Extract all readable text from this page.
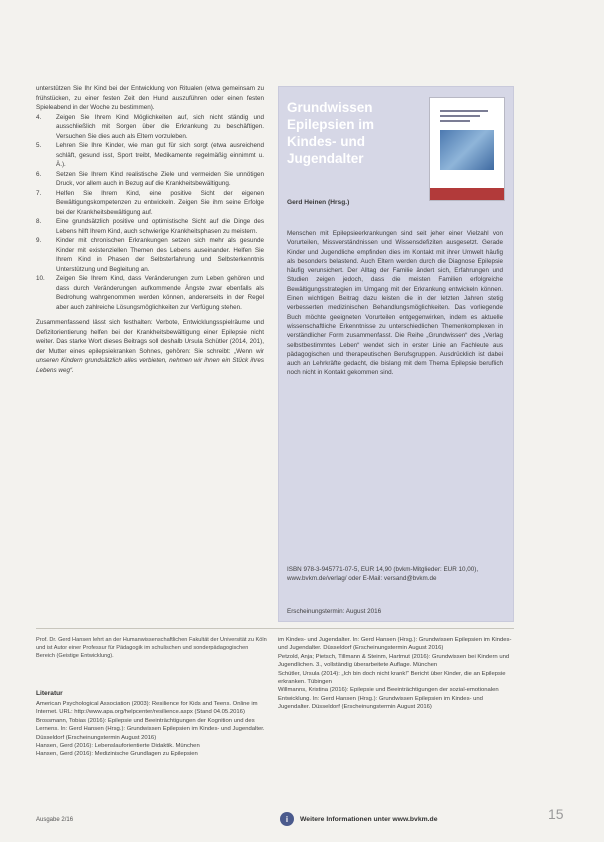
unterstützen Sie Ihr Kind bei der Entwicklung von Ritualen (etwa gemeinsam zu frühstücken, zu einer festen Zeit den Hund auszuführen oder einen festen Spieleabend in der Woche zu bestimmen).

4.	Zeigen Sie Ihrem Kind Möglichkeiten auf, sich nicht ständig und ausschließlich mit Sorgen über die Erkrankung zu beschäftigen. Versuchen Sie dies auch als Eltern vorzuleben.
5.	Lehren Sie Ihre Kinder, wie man gut für sich sorgt (etwa ausreichend schläft, gesund isst, Sport treibt, Medikamente regelmäßig einnimmt u. Ä.).
6.	Setzen Sie Ihrem Kind realistische Ziele und vermeiden Sie unnötigen Druck, vor allem auch in Bezug auf die Krankheitsbewältigung.
7.	Helfen Sie Ihrem Kind, eine positive Sicht der eigenen Bewältigungskompetenzen zu entwickeln. Zeigen Sie ihm seine Erfolge bei der Krankheitsbewältigung auf.
8.	Eine grundsätzlich positive und optimistische Sicht auf die Dinge des Lebens hilft Ihrem Kind, auch schwierige Krankheitsphasen zu meistern.
9.	Kinder mit chronischen Erkrankungen setzen sich mehr als gesunde Kinder mit existenziellen Themen des Lebens auseinander. Helfen Sie Ihrem Kind in Phasen der Selbsterfahrung und Selbsterkenntnis Unterstützung und Begleitung an.
10.	Zeigen Sie Ihrem Kind, dass Veränderungen zum Leben gehören und dass durch Veränderungen aufkommende Ängste zwar ebenfalls als Bedrohung wahrgenommen werden können, andererseits in der Regel aber auch zahlreiche Lösungsmöglichkeiten zur Verfügung stehen.

Zusammenfassend lässt sich festhalten: Verbote, Entwicklungsspielräume und Defizitorientierung helfen bei der Krankheitsbewältigung einer Epilepsie nicht weiter. Das starke Wort dieses Beitrags soll deshalb Ursula Schütler (2014, 201), der Mutter eines epilepsiekranken Sohnes, gehören: Sie schreibt: „Wenn wir unseren Kindern grundsätzlich alles verbieten, nehmen wir ihnen ein Stück ihres Lebens weg“.

Grundwissen Epilepsien im Kindes- und Jugendalter

Gerd Heinen (Hrsg.)

Menschen mit Epilepsieerkrankungen sind seit jeher einer Vielzahl von Vorurteilen, Missverständnissen und Wissensdefiziten ausgesetzt. Gerade Kinder und Jugendliche empfinden dies im Kontakt mit ihrer Umwelt häufig als besonders belastend. Auch Eltern werden durch die Diagnose Epilepsie häufig verunsichert. Der Alltag der Familie ändert sich, Erfahrungen und Studien zeigen jedoch, dass die meisten Familien erfolgreiche Bewältigungsstrategien im Umgang mit der Erkrankung entwickeln können. Einen wichtigen Beitrag dazu leisten die in der letzten Jahren stetig verbesserten medizinischen Behandlungsmöglichkeiten. Das vorliegende Buch möchte geeigneten Vorurteilen entgegenwirken, indem es aktuelle wissenschaftliche Erkenntnisse zu unterschiedlichen Themenkomplexen in verständlicher Form zusammenfasst. Die Reihe „Grundwissen“ des „Verlag selbstbestimmtes Leben“ wendet sich in erster Linie an Fachleute aus pädagogischen und therapeutischen Berufsgruppen. Ausdrücklich ist dabei auch an Lehrkräfte gedacht, die bislang mit dem Thema Epilepsie beruflich noch nicht in Kontakt gekommen sind.

ISBN 978-3-945771-07-5, EUR 14,90 (bvkm-Mitglieder: EUR 10,00), www.bvkm.de/verlag/ oder E-Mail: versand@bvkm.de

Erscheinungstermin: August 2016

Prof. Dr. Gerd Hansen lehrt an der Humanwissenschaftlichen Fakultät der Universität zu Köln und ist Autor einer Professur für Pädagogik im schulischen und sonderpädagogischen Bereich (Geistige Entwicklung).

Literatur

American Psychological Association (2003): Resilience for Kids and Teens. Online im Internet. URL: http://www.apa.org/helpcenter/resilience.aspx (Stand 04.05.2016)
Brossmann, Tobias (2016): Epilepsie und Beeinträchtigungen der Kognition und des Lernens. In: Gerd Hansen (Hrsg.): Grundwissen Epilepsien im Kindes- und Jugendalter. Düsseldorf (Erscheinungstermin August 2016)
Hansen, Gerd (2016): Lebenslauforientierte Didaktik. München
Hansen, Gerd (2016): Medizinische Grundlagen zu Epilepsien

im Kindes- und Jugendalter. In: Gerd Hansen (Hrsg.): Grundwissen Epilepsien im Kindes- und Jugendalter. Düsseldorf (Erscheinungstermin August 2016)
Petzold, Anja; Pietsch, Tillmann & Steinm, Hartmut (2016): Grundwissen bei Kindern und Jugendlichen. 3., vollständig überarbeitete Auflage. München
Schütler, Ursula (2014): „Ich bin doch nicht krank!“ Bericht über Kinder, die an Epilepsie erkranken. Tübingen
Willmanns, Kristina (2016): Epilepsie und Beeinträchtigungen der sozial-emotionalen Entwicklung. In: Gerd Hansen (Hrsg.): Grundwissen Epilepsien im Kindes- und Jugendalter. Düsseldorf (Erscheinungstermin August 2016)

i	Weitere Informationen unter www.bvkm.de

Ausgabe 2/16	15
